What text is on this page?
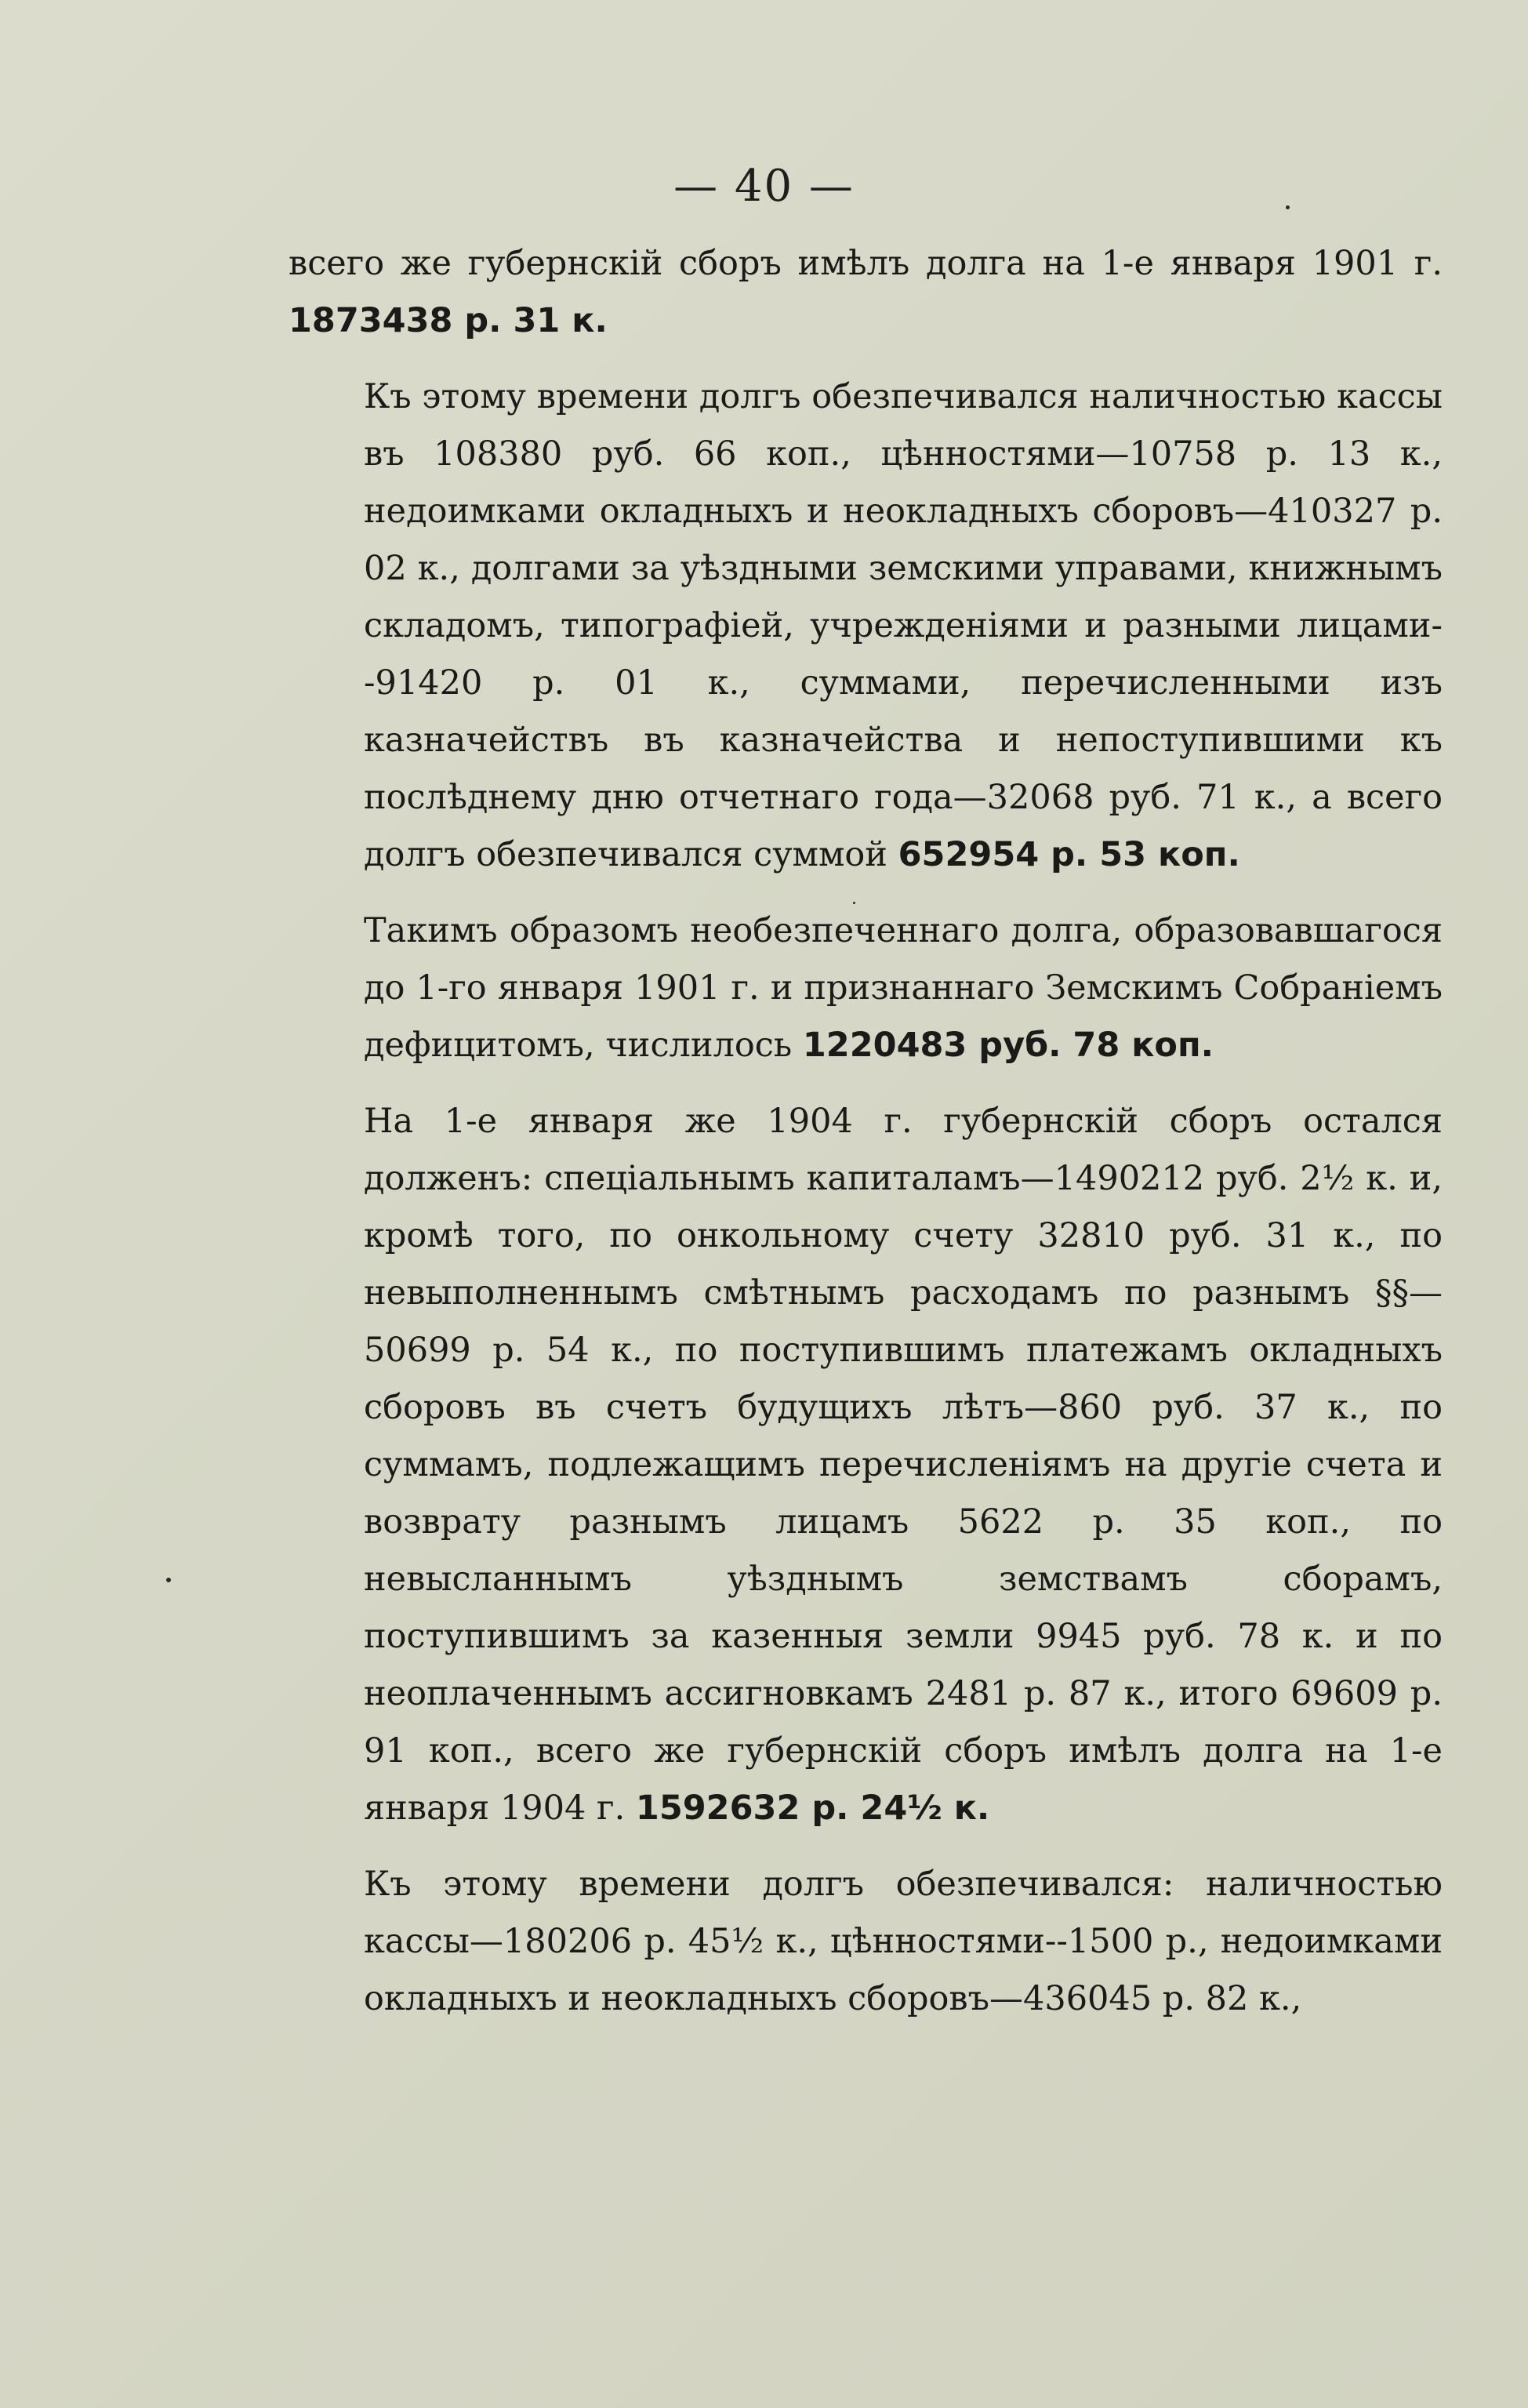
— 40 —

всего же губернскій сборъ имѣлъ долга на 1-е января 1901 г. 1873438 р. 31 к.

Къ этому времени долгъ обезпечивался наличностью кассы въ 108380 руб. 66 коп., цѣнностями—10758 р. 13 к., недоимками окладныхъ и неокладныхъ сборовъ—410327 р. 02 к., долгами за уѣздными земскими управами, книжнымъ складомъ, типографіей, учрежденіями и разными лицами--91420 р. 01 к., суммами, перечисленными изъ казначействъ въ казначейства и непоступившими къ послѣднему дню отчетнаго года—32068 руб. 71 к., а всего долгъ обезпечивался суммой 652954 р. 53 коп.

Такимъ образомъ необезпеченнаго долга, образовавшагося до 1-го января 1901 г. и признаннаго Земскимъ Собраніемъ дефицитомъ, числилось 1220483 руб. 78 коп.

На 1-е января же 1904 г. губернскій сборъ остался долженъ: спеціальнымъ капиталамъ—1490212 руб. 2½ к. и, кромѣ того, по онкольному счету 32810 руб. 31 к., по невыполненнымъ смѣтнымъ расходамъ по разнымъ §§—50699 р. 54 к., по поступившимъ платежамъ окладныхъ сборовъ въ счетъ будущихъ лѣтъ—860 руб. 37 к., по суммамъ, подлежащимъ перечисленіямъ на другіе счета и возврату разнымъ лицамъ 5622 р. 35 коп., по невысланнымъ уѣзднымъ земствамъ сборамъ, поступившимъ за казенныя земли 9945 руб. 78 к. и по неоплаченнымъ ассигновкамъ 2481 р. 87 к., итого 69609 р. 91 коп., всего же губернскій сборъ имѣлъ долга на 1-е января 1904 г. 1592632 р. 24½ к.

Къ этому времени долгъ обезпечивался: наличностью кассы—180206 р. 45½ к., цѣнностями--1500 р., недоимками окладныхъ и неокладныхъ сборовъ—436045 р. 82 к.,
